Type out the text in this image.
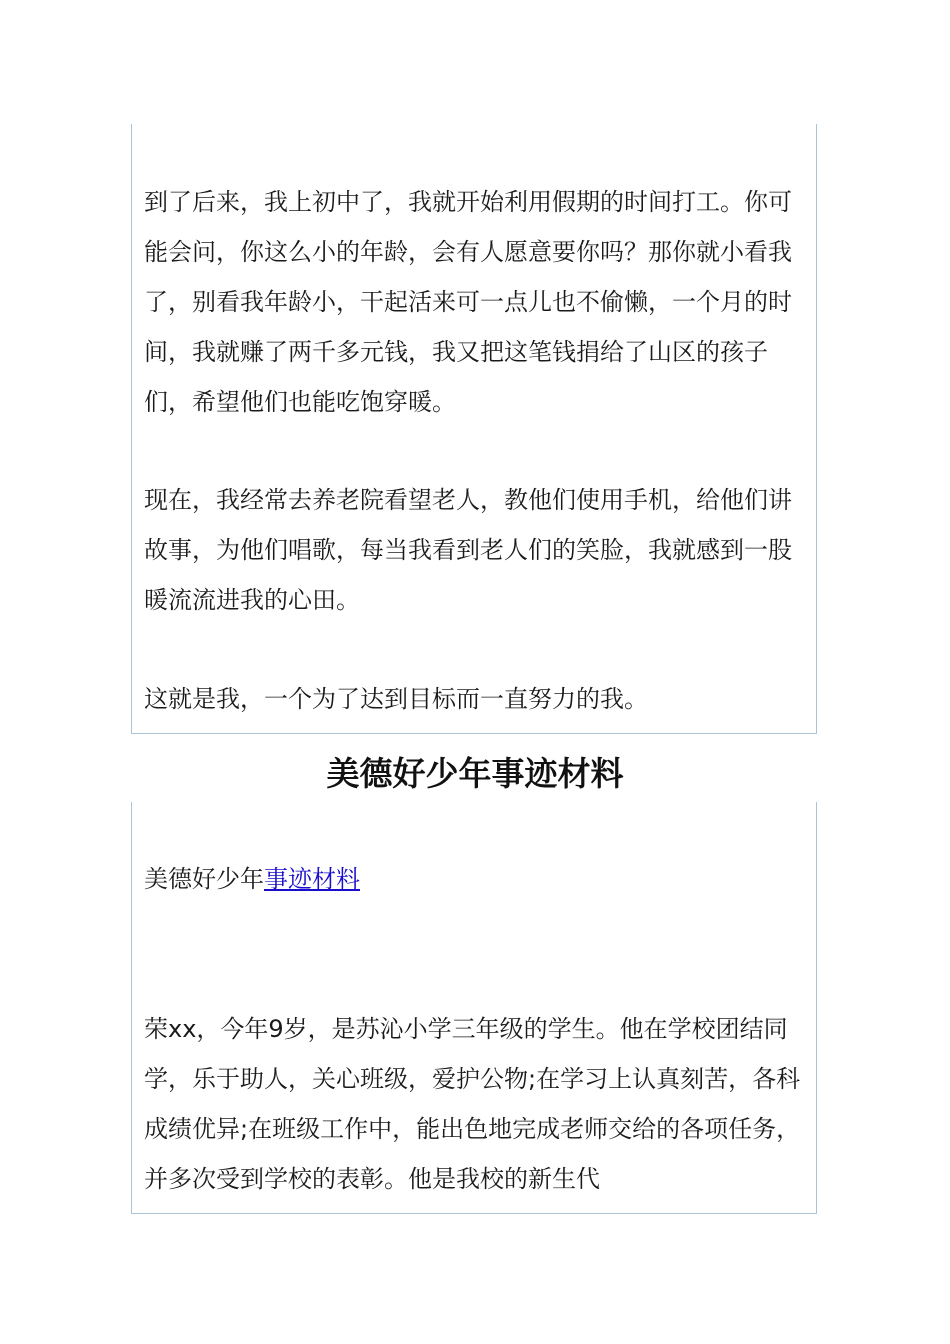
到了后来，我上初中了，我就开始利用假期的时间打工。你可能会问，你这么小的年龄，会有人愿意要你吗？那你就小看我了，别看我年龄小，干起活来可一点儿也不偷懒，一个月的时间，我就赚了两千多元钱，我又把这笔钱捐给了山区的孩子们，希望他们也能吃饱穿暖。

现在，我经常去养老院看望老人，教他们使用手机，给他们讲故事，为他们唱歌，每当我看到老人们的笑脸，我就感到一股暖流流进我的心田。

这就是我，一个为了达到目标而一直努力的我。

美德好少年事迹材料

美德好少年事迹材料

荣xx，今年9岁，是苏沁小学三年级的学生。他在学校团结同学，乐于助人，关心班级，爱护公物;在学习上认真刻苦，各科成绩优异;在班级工作中，能出色地完成老师交给的各项任务，并多次受到学校的表彰。他是我校的新生代
